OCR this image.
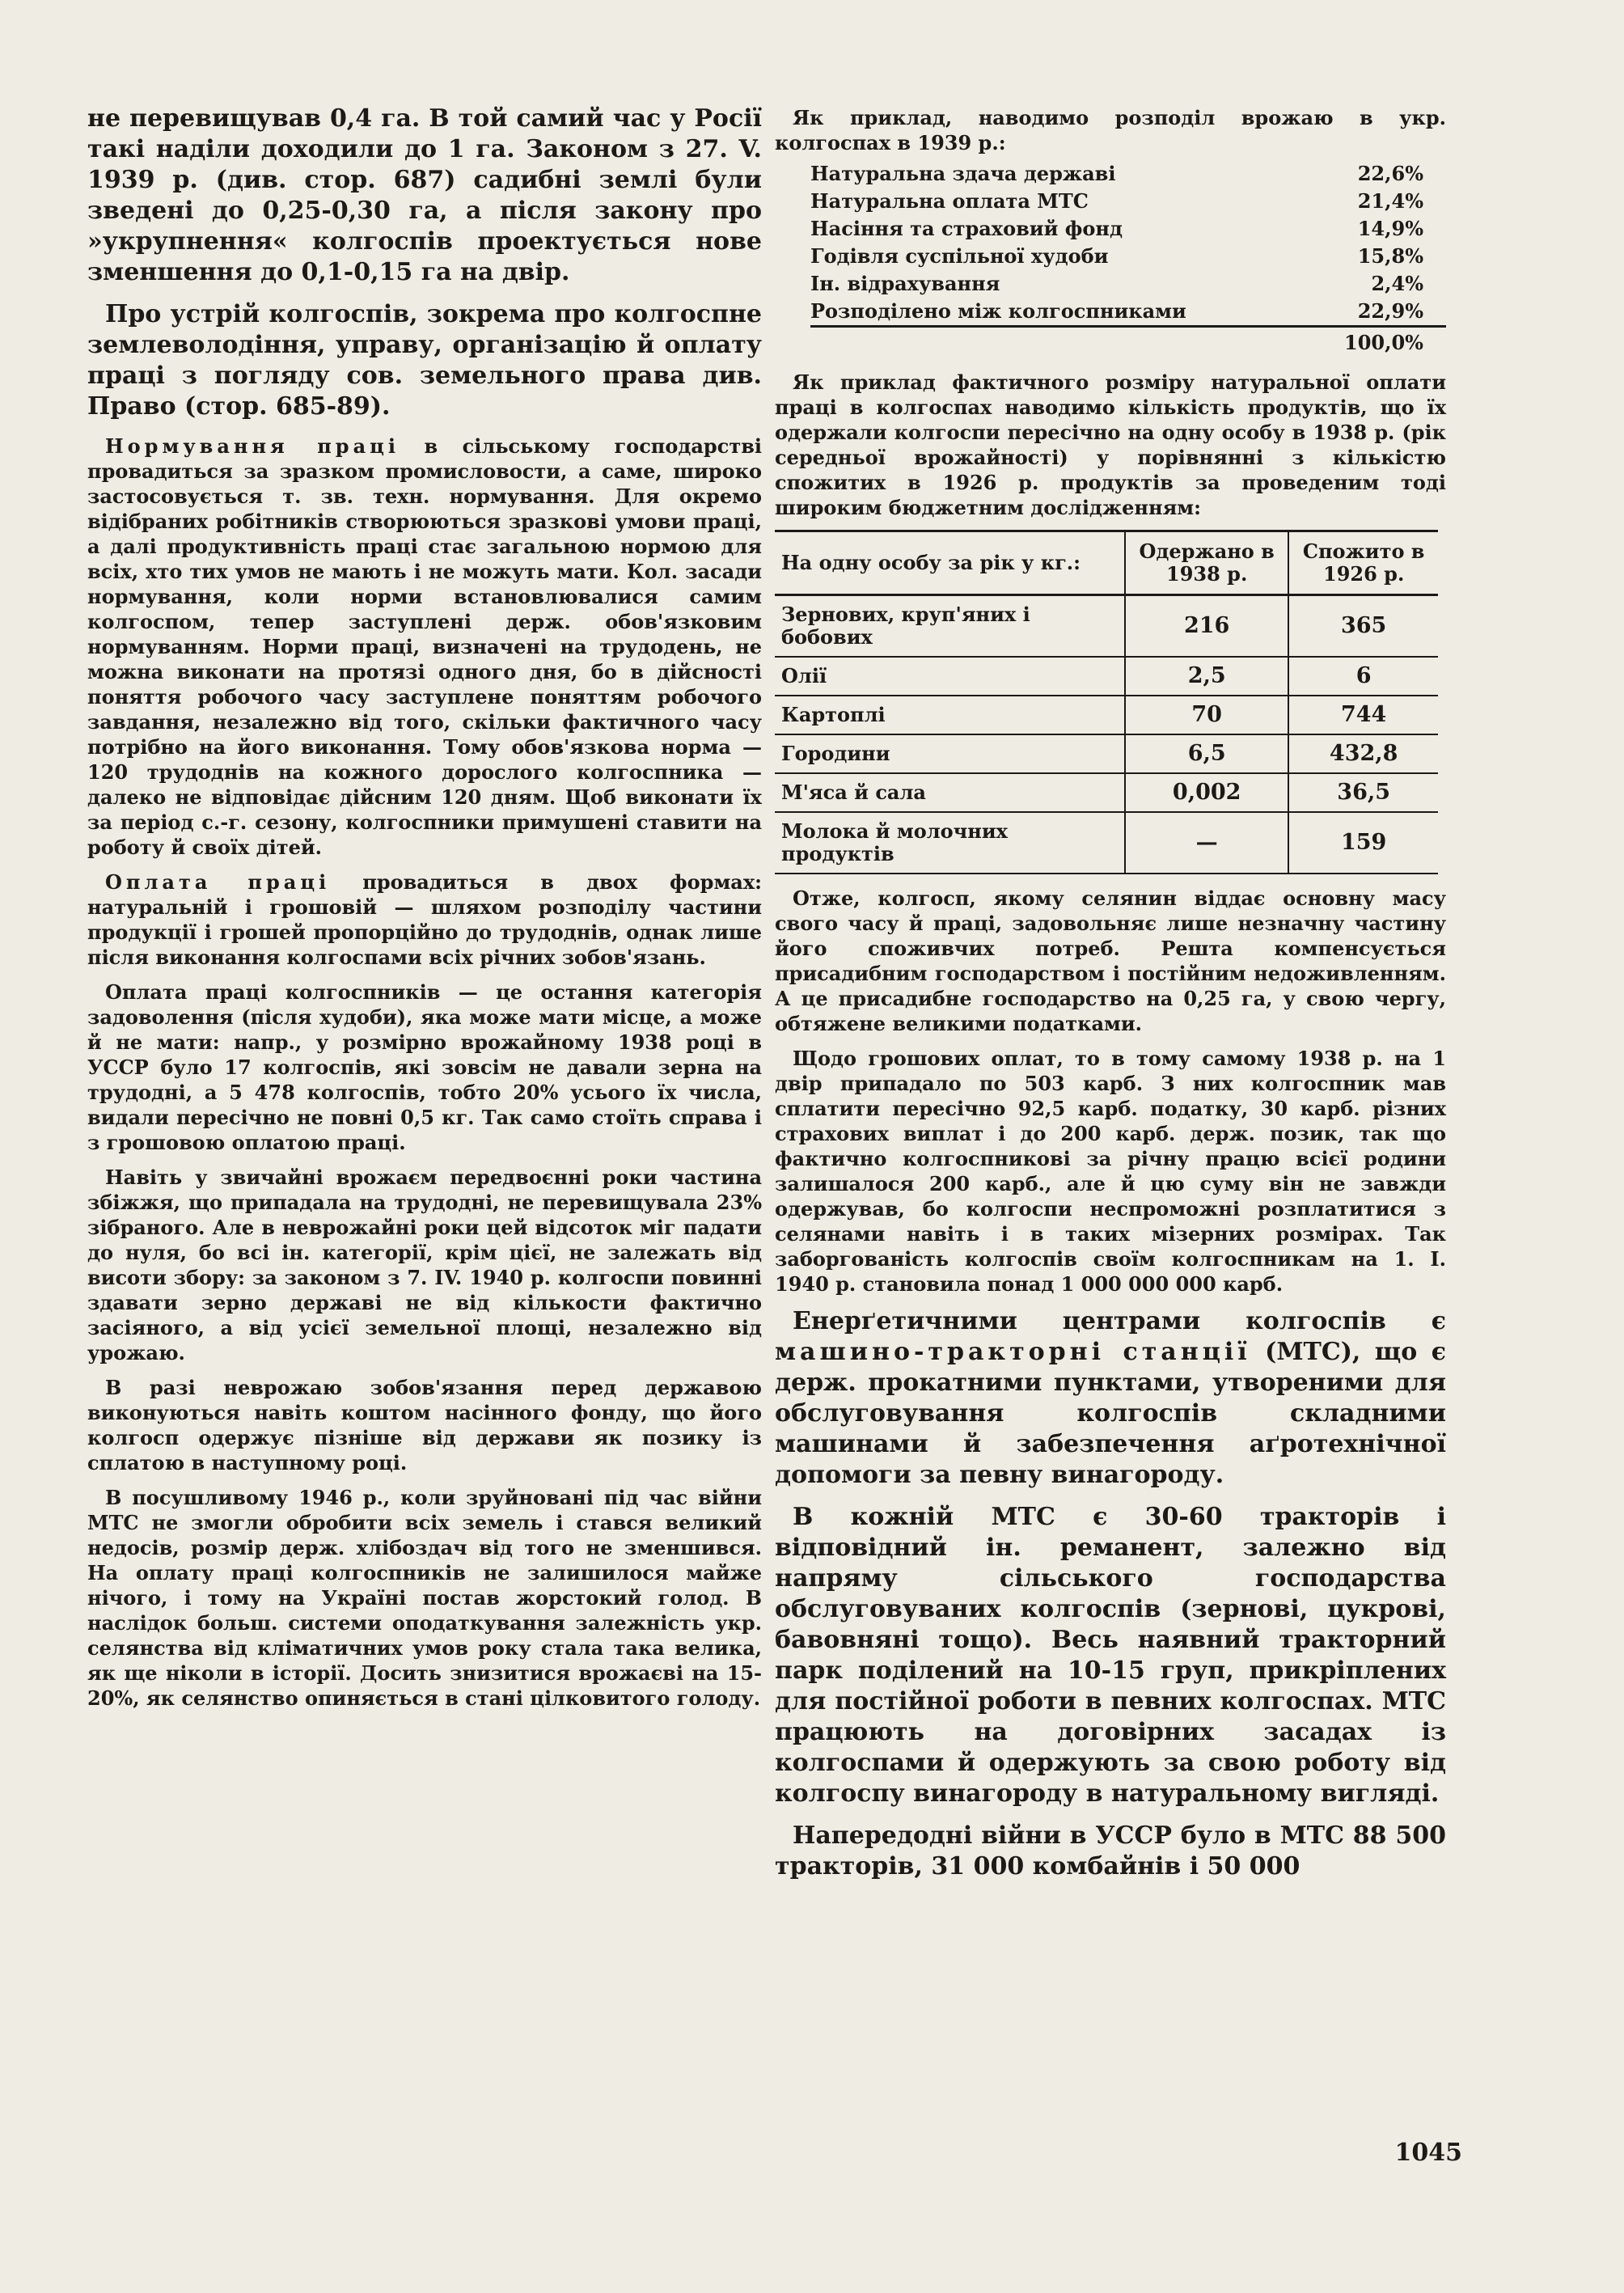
не перевищував 0,4 га. В той самий час у Росії такі наділи доходили до 1 га. Законом з 27. V. 1939 р. (див. стор. 687) садибні землі були зведені до 0,25-0,30 га, а після закону про »укрупнення« колгоспів проектується нове зменшення до 0,1-0,15 га на двір.

Про устрій колгоспів, зокрема про колгоспне землеволодіння, управу, організацію й оплату праці з погляду сов. земельного права див. Право (стор. 685-89).

Нормування праці в сільському господарстві провадиться за зразком промисловости, а саме, широко застосовується т. зв. техн. нормування. Для окремо відібраних робітників створюються зразкові умови праці, а далі продуктивність праці стає загальною нормою для всіх, хто тих умов не мають і не можуть мати. Кол. засади нормування, коли норми встановлювалися самим колгоспом, тепер заступлені держ. обов'язковим нормуванням. Норми праці, визначені на трудодень, не можна виконати на протязі одного дня, бо в дійсності поняття робочого часу заступлене поняттям робочого завдання, незалежно від того, скільки фактичного часу потрібно на його виконання. Тому обов'язкова норма — 120 трудоднів на кожного дорослого колгоспника — далеко не відповідає дійсним 120 дням. Щоб виконати їх за період с.-г. сезону, колгоспники примушені ставити на роботу й своїх дітей.

Оплата праці провадиться в двох формах: натуральній і грошовій — шляхом розподілу частини продукції і грошей пропорційно до трудоднів, однак лише після виконання колгоспами всіх річних зобов'язань.

Оплата праці колгоспників — це остання категорія задоволення (після худоби), яка може мати місце, а може й не мати: напр., у розмірно врожайному 1938 році в УССР було 17 колгоспів, які зовсім не давали зерна на трудодні, а 5 478 колгоспів, тобто 20% усього їх числа, видали пересічно не повні 0,5 кг. Так само стоїть справа і з грошовою оплатою праці.

Навіть у звичайні врожаєм передвоєнні роки частина збіжжя, що припадала на трудодні, не перевищувала 23% зібраного. Але в неврожайні роки цей відсоток міг падати до нуля, бо всі ін. категорії, крім цієї, не залежать від висоти збору: за законом з 7. IV. 1940 р. колгоспи повинні здавати зерно державі не від кількости фактично засіяного, а від усієї земельної площі, незалежно від урожаю.

В разі неврожаю зобов'язання перед державою виконуються навіть коштом насінного фонду, що його колгосп одержує пізніше від держави як позику із сплатою в наступному році.

В посушливому 1946 р., коли зруйновані під час війни МТС не змогли обробити всіх земель і стався великий недосів, розмір держ. хлібоздач від того не зменшився. На оплату праці колгоспників не залишилося майже нічого, і тому на Україні постав жорстокий голод. В наслідок больш. системи оподаткування залежність укр. селянства від кліматичних умов року стала така велика, як ще ніколи в історії. Досить знизитися врожаєві на 15-20%, як селянство опиняється в стані цілковитого голоду.

Як приклад, наводимо розподіл врожаю в укр. колгоспах в 1939 р.:

Натуральна здача державі	22,6%
Натуральна оплата МТС	21,4%
Насіння та страховий фонд	14,9%
Годівля суспільної худоби	15,8%
Ін. відрахування	2,4%
Розподілено між колгоспниками	22,9%
100,0%

Як приклад фактичного розміру натуральної оплати праці в колгоспах наводимо кількість продуктів, що їх одержали колгоспи пересічно на одну особу в 1938 р. (рік середньої врожайності) у порівнянні з кількістю спожитих в 1926 р. продуктів за проведеним тоді широким бюджетним дослідженням:

На одну особу за рік у кг.:	Одержано в 1938 р.	Спожито в 1926 р.
Зернових, круп'яних і бобових	216	365
Олії	2,5	6
Картоплі	70	744
Городини	6,5	432,8
М'яса й сала	0,002	36,5
Молока й молочних продуктів	—	159

Отже, колгосп, якому селянин віддає основну масу свого часу й праці, задовольняє лише незначну частину його споживчих потреб. Решта компенсується присадибним господарством і постійним недоживленням. А це присадибне господарство на 0,25 га, у свою чергу, обтяжене великими податками.

Щодо грошових оплат, то в тому самому 1938 р. на 1 двір припадало по 503 карб. З них колгоспник мав сплатити пересічно 92,5 карб. податку, 30 карб. різних страхових виплат і до 200 карб. держ. позик, так що фактично колгоспникові за річну працю всієї родини залишалося 200 карб., але й цю суму він не завжди одержував, бо колгоспи неспроможні розплатитися з селянами навіть і в таких мізерних розмірах. Так заборгованість колгоспів своїм колгоспникам на 1. I. 1940 р. становила понад 1 000 000 000 карб.

Енерґетичними центрами колгоспів є машино-тракторні станції (МТС), що є держ. прокатними пунктами, утвореними для обслуговування колгоспів складними машинами й забезпечення аґротехнічної допомоги за певну винагороду.

В кожній МТС є 30-60 тракторів і відповідний ін. реманент, залежно від напряму сільського господарства обслуговуваних колгоспів (зернові, цукрові, бавовняні тощо). Весь наявний тракторний парк поділений на 10-15 груп, прикріплених для постійної роботи в певних колгоспах. МТС працюють на договірних засадах із колгоспами й одержують за свою роботу від колгоспу винагороду в натуральному вигляді.

Напередодні війни в УССР було в МТС 88 500 тракторів, 31 000 комбайнів і 50 000

1045
